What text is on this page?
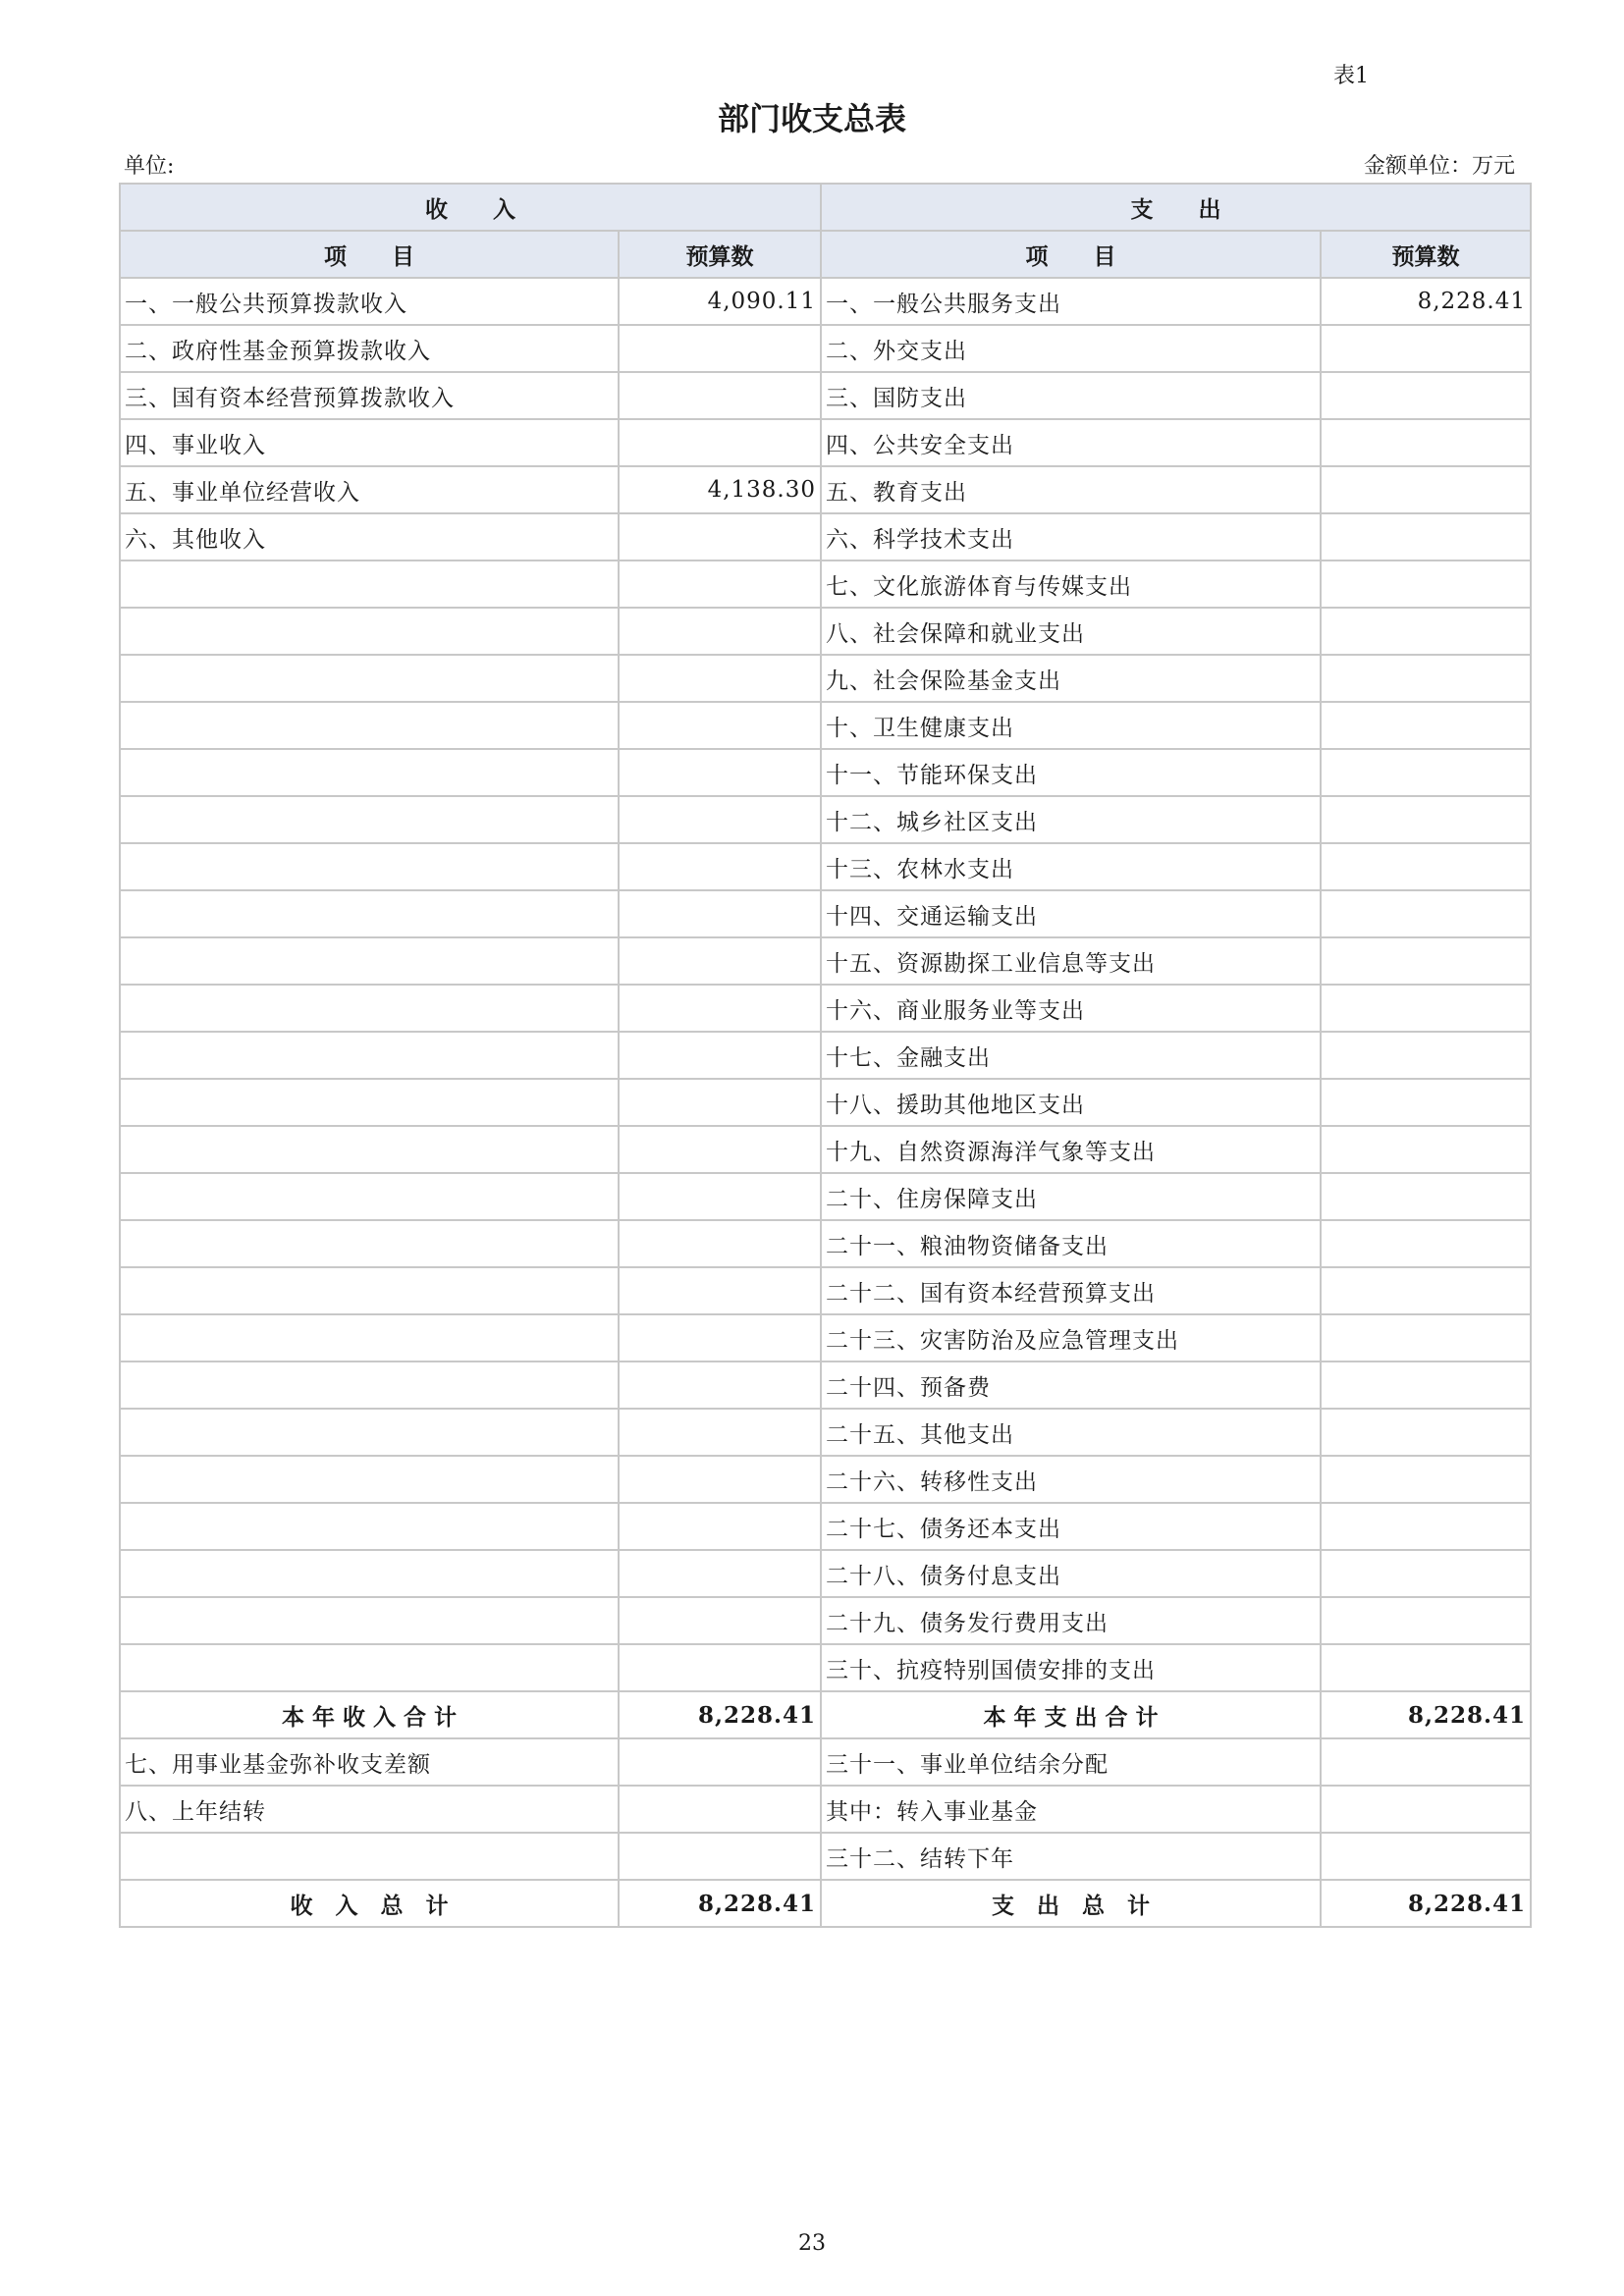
表1
部门收支总表
单位:	金额单位：万元
收　　入		支　　出	
项　　目	预算数	项　　目	预算数
一、一般公共预算拨款收入	4,090.11	一、一般公共服务支出	8,228.41
二、政府性基金预算拨款收入		二、外交支出	
三、国有资本经营预算拨款收入		三、国防支出	
四、事业收入		四、公共安全支出	
五、事业单位经营收入	4,138.30	五、教育支出	
六、其他收入		六、科学技术支出	
		七、文化旅游体育与传媒支出	
		八、社会保障和就业支出	
		九、社会保险基金支出	
		十、卫生健康支出	
		十一、节能环保支出	
		十二、城乡社区支出	
		十三、农林水支出	
		十四、交通运输支出	
		十五、资源勘探工业信息等支出	
		十六、商业服务业等支出	
		十七、金融支出	
		十八、援助其他地区支出	
		十九、自然资源海洋气象等支出	
		二十、住房保障支出	
		二十一、粮油物资储备支出	
		二十二、国有资本经营预算支出	
		二十三、灾害防治及应急管理支出	
		二十四、预备费	
		二十五、其他支出	
		二十六、转移性支出	
		二十七、债务还本支出	
		二十八、债务付息支出	
		二十九、债务发行费用支出	
		三十、抗疫特别国债安排的支出	
本 年 收 入 合 计	8,228.41	本 年 支 出 合 计	8,228.41
七、用事业基金弥补收支差额		三十一、事业单位结余分配	
八、上年结转		其中：转入事业基金	
		三十二、结转下年	
收　入　总　计	8,228.41	支　出　总　计	8,228.41
23
